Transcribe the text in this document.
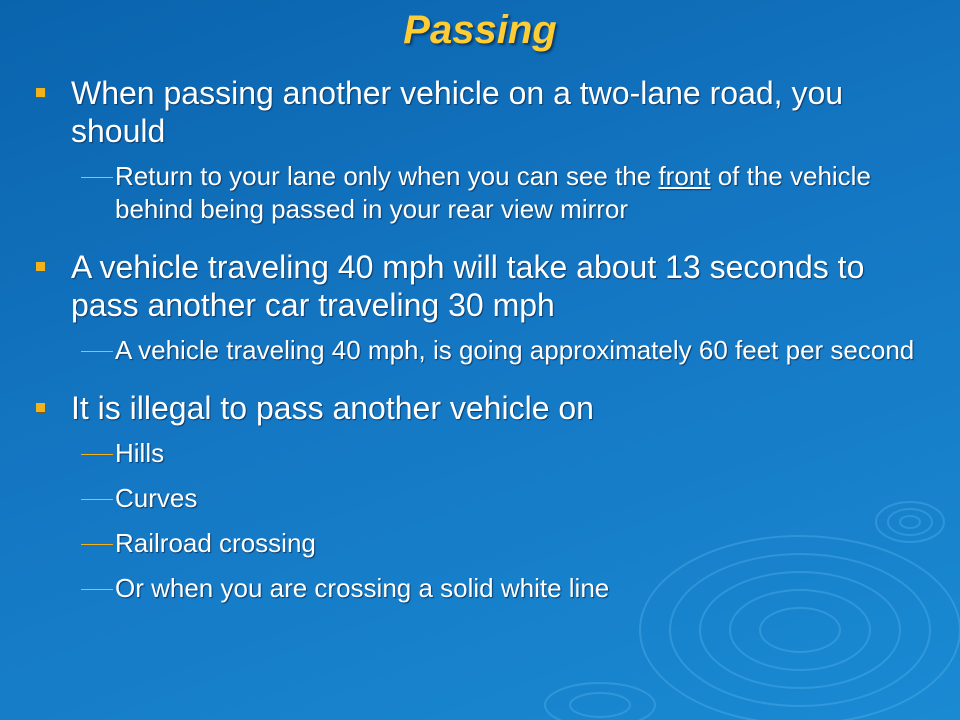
Passing
When passing another vehicle on a two-lane road, you should
Return to your lane only when you can see the front of the vehicle behind being passed in your rear view mirror
A vehicle traveling 40 mph will take about 13 seconds to pass another car traveling 30 mph
A vehicle traveling 40 mph, is going approximately 60 feet per second
It is illegal to pass another vehicle on
Hills
Curves
Railroad crossing
Or when you are crossing a solid white line
